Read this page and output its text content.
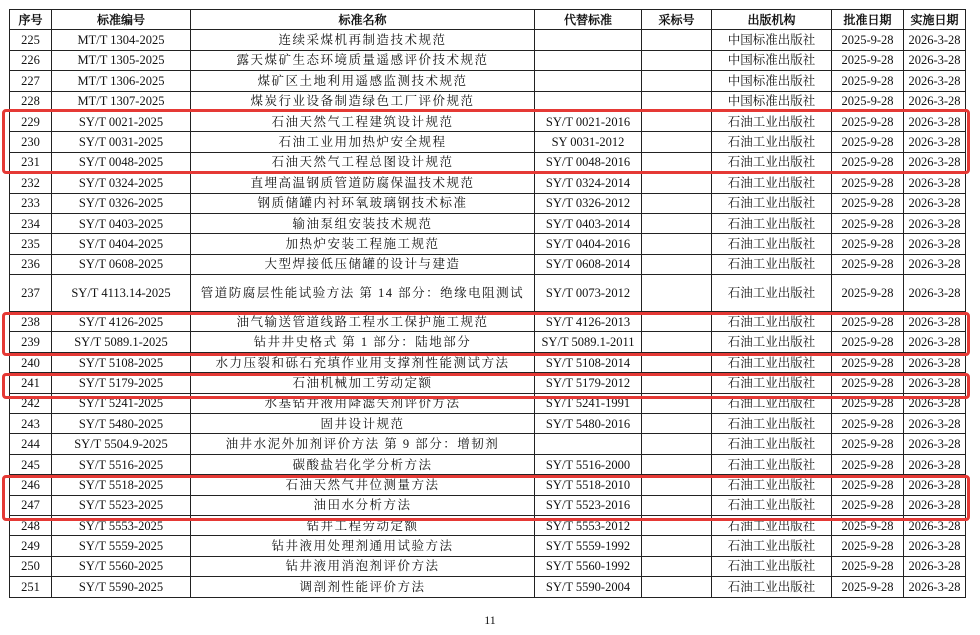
序号	标准编号	标准名称	代替标准	采标号	出版机构	批准日期	实施日期
225	MT/T 1304-2025	连续采煤机再制造技术规范			中国标准出版社	2025-9-28	2026-3-28
226	MT/T 1305-2025	露天煤矿生态环境质量遥感评价技术规范			中国标准出版社	2025-9-28	2026-3-28
227	MT/T 1306-2025	煤矿区土地利用遥感监测技术规范			中国标准出版社	2025-9-28	2026-3-28
228	MT/T 1307-2025	煤炭行业设备制造绿色工厂评价规范			中国标准出版社	2025-9-28	2026-3-28
229	SY/T 0021-2025	石油天然气工程建筑设计规范	SY/T 0021-2016		石油工业出版社	2025-9-28	2026-3-28
230	SY/T 0031-2025	石油工业用加热炉安全规程	SY 0031-2012		石油工业出版社	2025-9-28	2026-3-28
231	SY/T 0048-2025	石油天然气工程总图设计规范	SY/T 0048-2016		石油工业出版社	2025-9-28	2026-3-28
232	SY/T 0324-2025	直埋高温钢质管道防腐保温技术规范	SY/T 0324-2014		石油工业出版社	2025-9-28	2026-3-28
233	SY/T 0326-2025	钢质储罐内衬环氧玻璃钢技术标准	SY/T 0326-2012		石油工业出版社	2025-9-28	2026-3-28
234	SY/T 0403-2025	输油泵组安装技术规范	SY/T 0403-2014		石油工业出版社	2025-9-28	2026-3-28
235	SY/T 0404-2025	加热炉安装工程施工规范	SY/T 0404-2016		石油工业出版社	2025-9-28	2026-3-28
236	SY/T 0608-2025	大型焊接低压储罐的设计与建造	SY/T 0608-2014		石油工业出版社	2025-9-28	2026-3-28
237	SY/T 4113.14-2025	管道防腐层性能试验方法 第 14 部分：绝缘电阻测试	SY/T 0073-2012		石油工业出版社	2025-9-28	2026-3-28
238	SY/T 4126-2025	油气输送管道线路工程水工保护施工规范	SY/T 4126-2013		石油工业出版社	2025-9-28	2026-3-28
239	SY/T 5089.1-2025	钻井井史格式 第 1 部分：陆地部分	SY/T 5089.1-2011		石油工业出版社	2025-9-28	2026-3-28
240	SY/T 5108-2025	水力压裂和砾石充填作业用支撑剂性能测试方法	SY/T 5108-2014		石油工业出版社	2025-9-28	2026-3-28
241	SY/T 5179-2025	石油机械加工劳动定额	SY/T 5179-2012		石油工业出版社	2025-9-28	2026-3-28
242	SY/T 5241-2025	水基钻井液用降滤失剂评价方法	SY/T 5241-1991		石油工业出版社	2025-9-28	2026-3-28
243	SY/T 5480-2025	固井设计规范	SY/T 5480-2016		石油工业出版社	2025-9-28	2026-3-28
244	SY/T 5504.9-2025	油井水泥外加剂评价方法 第 9 部分：增韧剂			石油工业出版社	2025-9-28	2026-3-28
245	SY/T 5516-2025	碳酸盐岩化学分析方法	SY/T 5516-2000		石油工业出版社	2025-9-28	2026-3-28
246	SY/T 5518-2025	石油天然气井位测量方法	SY/T 5518-2010		石油工业出版社	2025-9-28	2026-3-28
247	SY/T 5523-2025	油田水分析方法	SY/T 5523-2016		石油工业出版社	2025-9-28	2026-3-28
248	SY/T 5553-2025	钻井工程劳动定额	SY/T 5553-2012		石油工业出版社	2025-9-28	2026-3-28
249	SY/T 5559-2025	钻井液用处理剂通用试验方法	SY/T 5559-1992		石油工业出版社	2025-9-28	2026-3-28
250	SY/T 5560-2025	钻井液用消泡剂评价方法	SY/T 5560-1992		石油工业出版社	2025-9-28	2026-3-28
251	SY/T 5590-2025	调剖剂性能评价方法	SY/T 5590-2004		石油工业出版社	2025-9-28	2026-3-28
11
